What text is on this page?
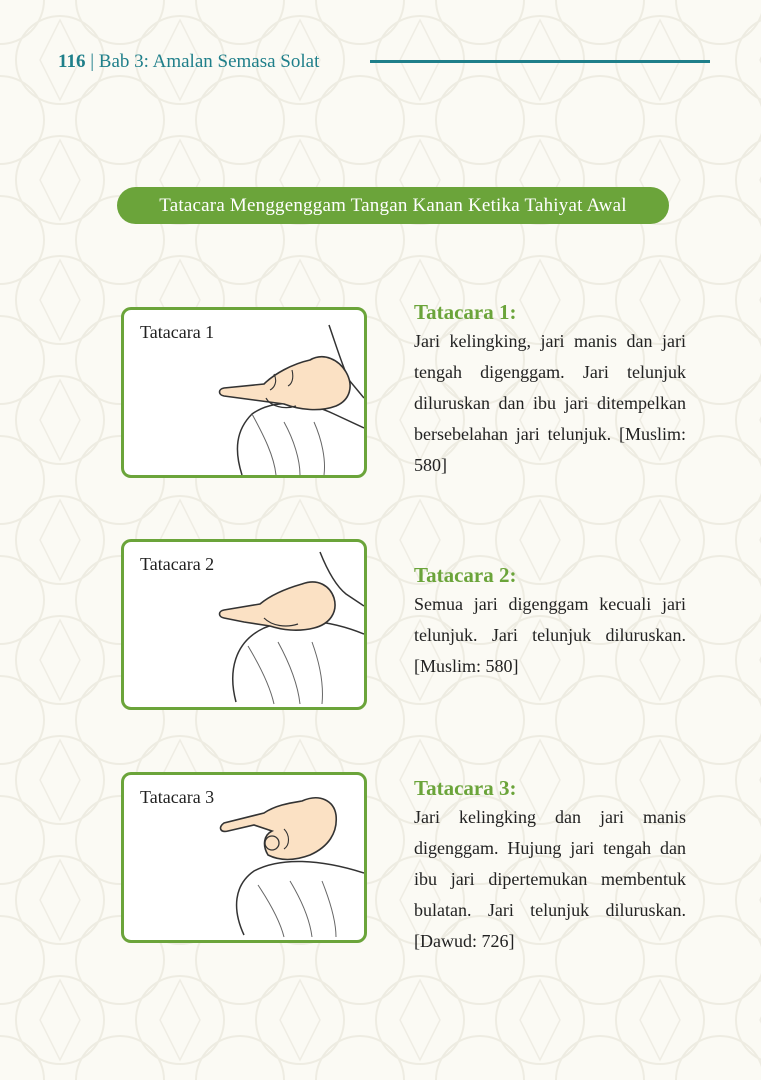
116 | Bab 3: Amalan Semasa Solat
Tatacara Menggenggam Tangan Kanan Ketika Tahiyat Awal
Tatacara 1
Tatacara 1:
Jari kelingking, jari manis dan jari tengah digenggam. Jari telunjuk diluruskan dan ibu jari ditempelkan bersebelahan jari telunjuk. [Muslim: 580]
Tatacara 2	Tatacara 2:
Semua jari digenggam kecuali jari telunjuk. Jari telunjuk diluruskan. [Muslim: 580]
Tatacara 3	Tatacara 3:
Jari kelingking dan jari manis digenggam. Hujung jari tengah dan ibu jari dipertemukan membentuk bulatan. Jari telunjuk diluruskan. [Dawud: 726]
